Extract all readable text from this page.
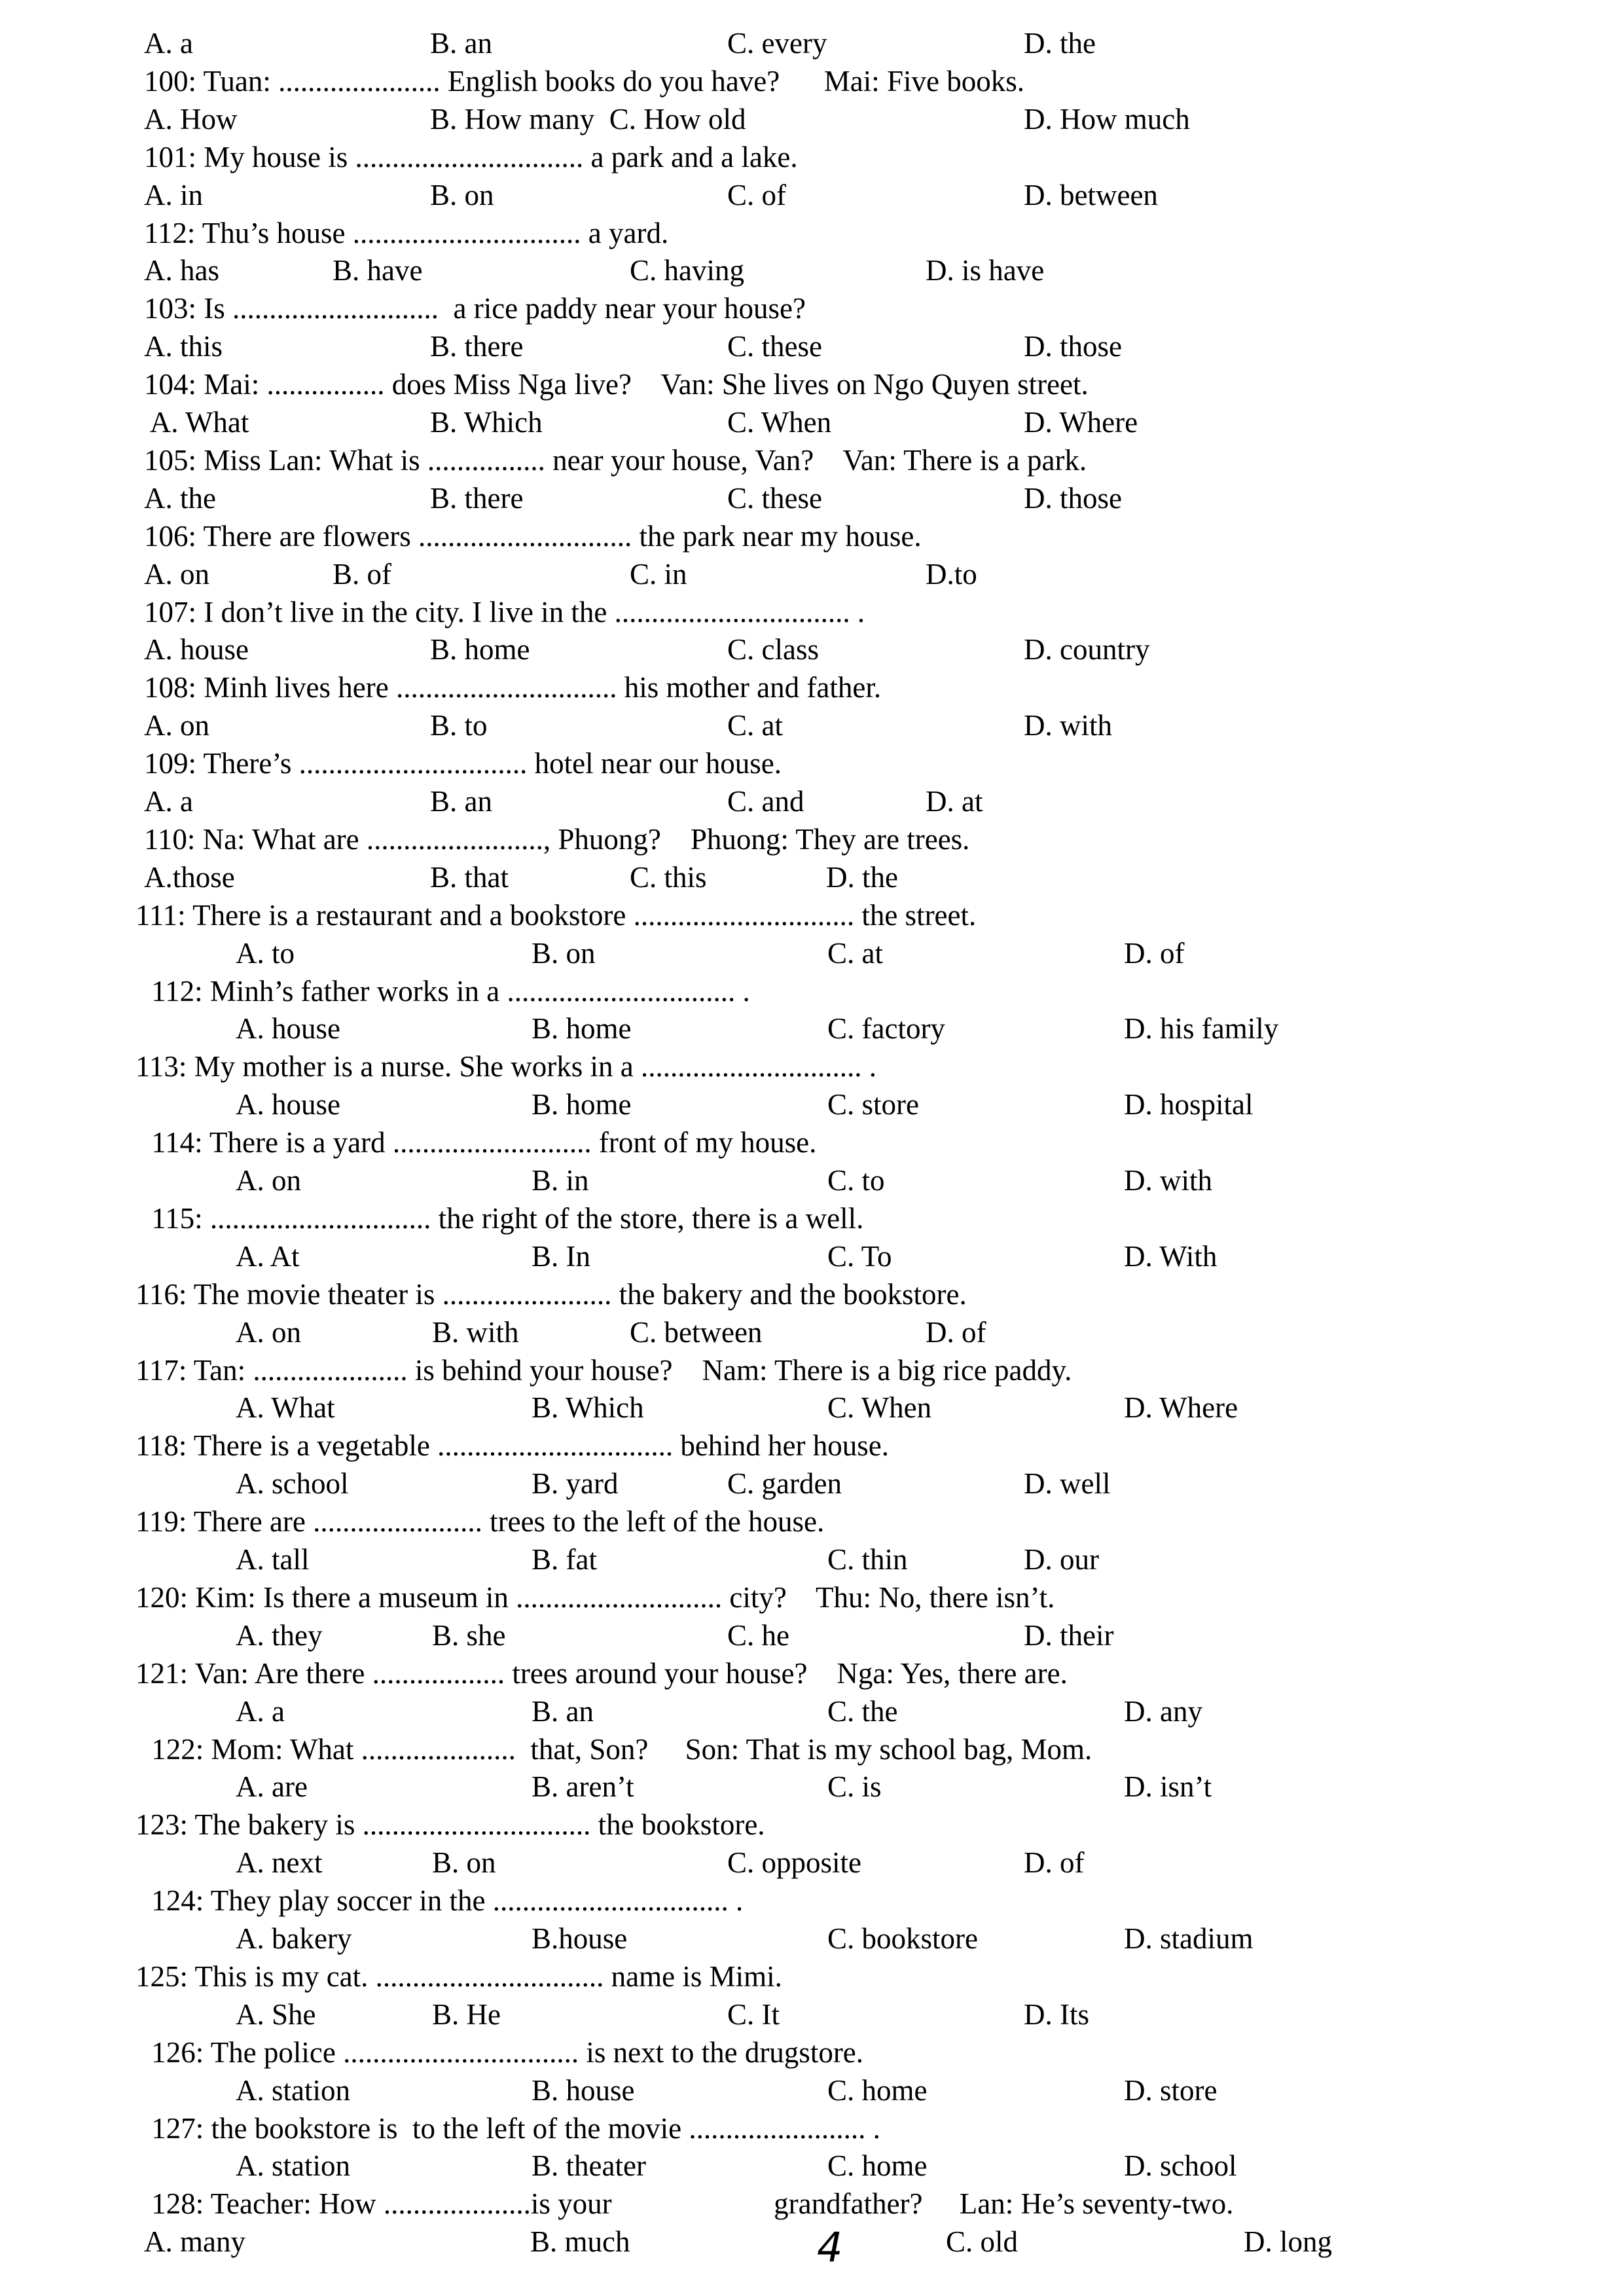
A. a	B. an	C. every	D. the
100: Tuan: ...................... English books do you have?      Mai: Five books.
A. How	B. How many  C. How old	D. How much
101: My house is ............................... a park and a lake.
A. in	B. on	C. of	D. between
112: Thu’s house ............................... a yard.
A. has	B. have	C. having	D. is have
103: Is ............................  a rice paddy near your house?
A. this	B. there	C. these	D. those
104: Mai: ................ does Miss Nga live?    Van: She lives on Ngo Quyen street.
A. What	B. Which	C. When	D. Where
105: Miss Lan: What is ................ near your house, Van?    Van: There is a park.
A. the	B. there	C. these	D. those
106: There are flowers ............................. the park near my house.
A. on	B. of	C. in	D.to
107: I don’t live in the city. I live in the ................................ .
A. house	B. home	C. class	D. country
108: Minh lives here .............................. his mother and father.
A. on	B. to	C. at	D. with
109: There’s ............................... hotel near our house.
A. a	B. an	C. and	D. at
110: Na: What are ........................, Phuong?    Phuong: They are trees.
A.those	B. that	C. this	D. the
111: There is a restaurant and a bookstore .............................. the street.
A. to	B. on	C. at	D. of
112: Minh’s father works in a ............................... .
A. house	B. home	C. factory	D. his family
113: My mother is a nurse. She works in a .............................. .
A. house	B. home	C. store	D. hospital
114: There is a yard ........................... front of my house.
A. on	B. in	C. to	D. with
115: .............................. the right of the store, there is a well.
A. At	B. In	C. To	D. With
116: The movie theater is ....................... the bakery and the bookstore.
A. on	B. with	C. between	D. of
117: Tan: ..................... is behind your house?    Nam: There is a big rice paddy.
A. What	B. Which	C. When	D. Where
118: There is a vegetable ................................ behind her house.
A. school	B. yard	C. garden	D. well
119: There are ....................... trees to the left of the house.
A. tall	B. fat	C. thin	D. our
120: Kim: Is there a museum in ............................ city?    Thu: No, there isn’t.
A. they	B. she	C. he	D. their
121: Van: Are there .................. trees around your house?    Nga: Yes, there are.
A. a	B. an	C. the	D. any
122: Mom: What .....................  that, Son?     Son: That is my school bag, Mom.
A. are	B. aren’t	C. is	D. isn’t
123: The bakery is ............................... the bookstore.
A. next	B. on	C. opposite	D. of
124: They play soccer in the ................................ .
A. bakery	B.house	C. bookstore	D. stadium
125: This is my cat. ............................... name is Mimi.
A. She	B. He	C. It	D. Its
126: The police ................................ is next to the drugstore.
A. station	B. house	C. home	D. store
127: the bookstore is  to the left of the movie ........................ .
A. station	B. theater	C. home	D. school
128: Teacher: How ....................is your                      grandfather?     Lan: He’s seventy-two.
A. many	B. much	C. old	D. long
4
